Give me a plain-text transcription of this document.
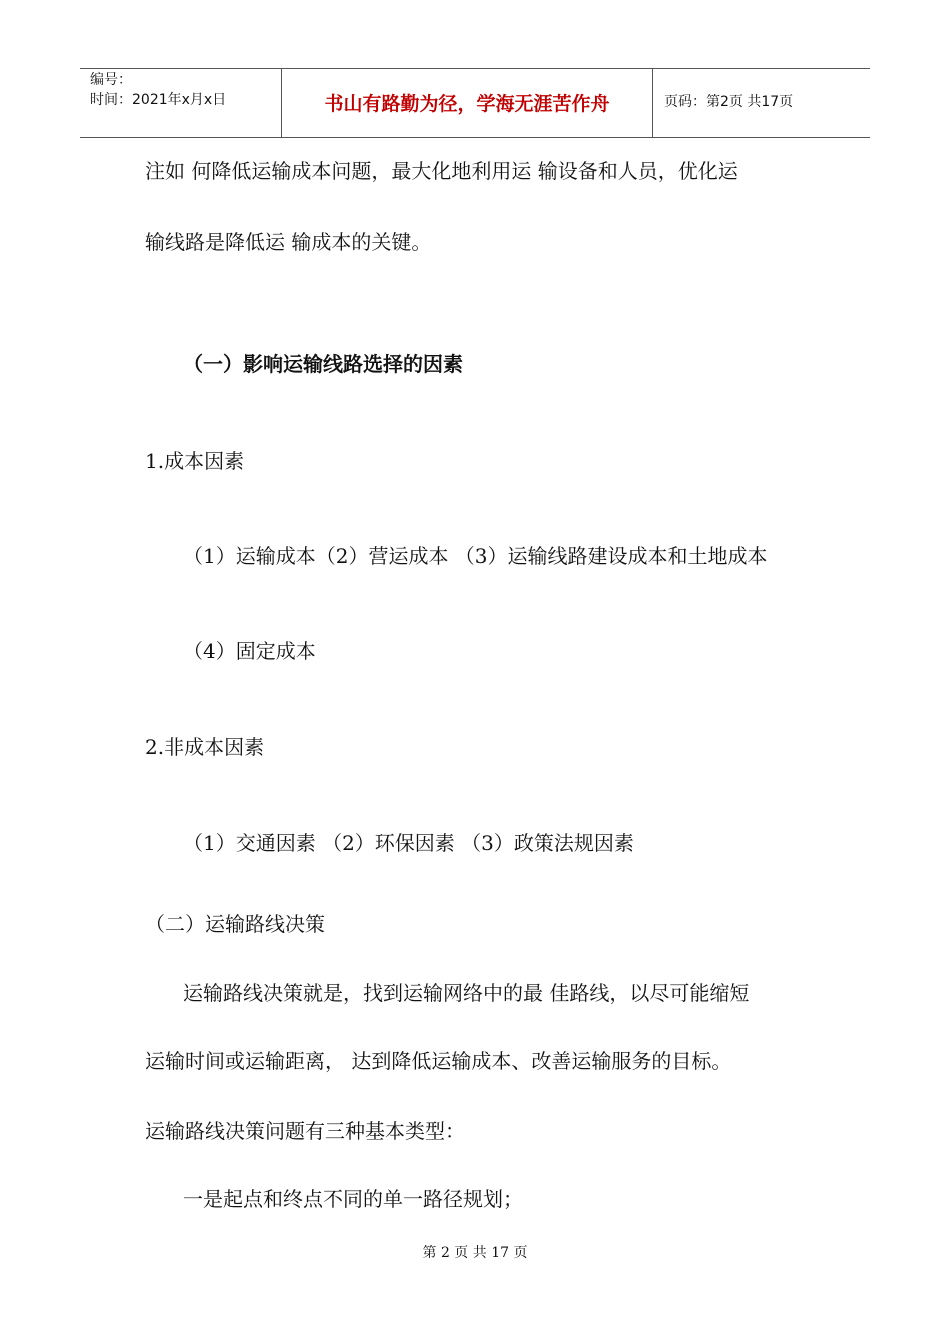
编号：
时间：2021年x月x日	书山有路勤为径，学海无涯苦作舟	页码：第2页 共17页
注如 何降低运输成本问题，最大化地利用运 输设备和人员，优化运
输线路是降低运 输成本的关键。
（一）影响运输线路选择的因素
1.成本因素
（1）运输成本（2）营运成本 （3）运输线路建设成本和土地成本
（4）固定成本
2.非成本因素
（1）交通因素 （2）环保因素 （3）政策法规因素
（二）运输路线决策
运输路线决策就是，找到运输网络中的最 佳路线，以尽可能缩短
运输时间或运输距离， 达到降低运输成本、改善运输服务的目标。
运输路线决策问题有三种基本类型：
一是起点和终点不同的单一路径规划；
第 2 页 共 17 页
